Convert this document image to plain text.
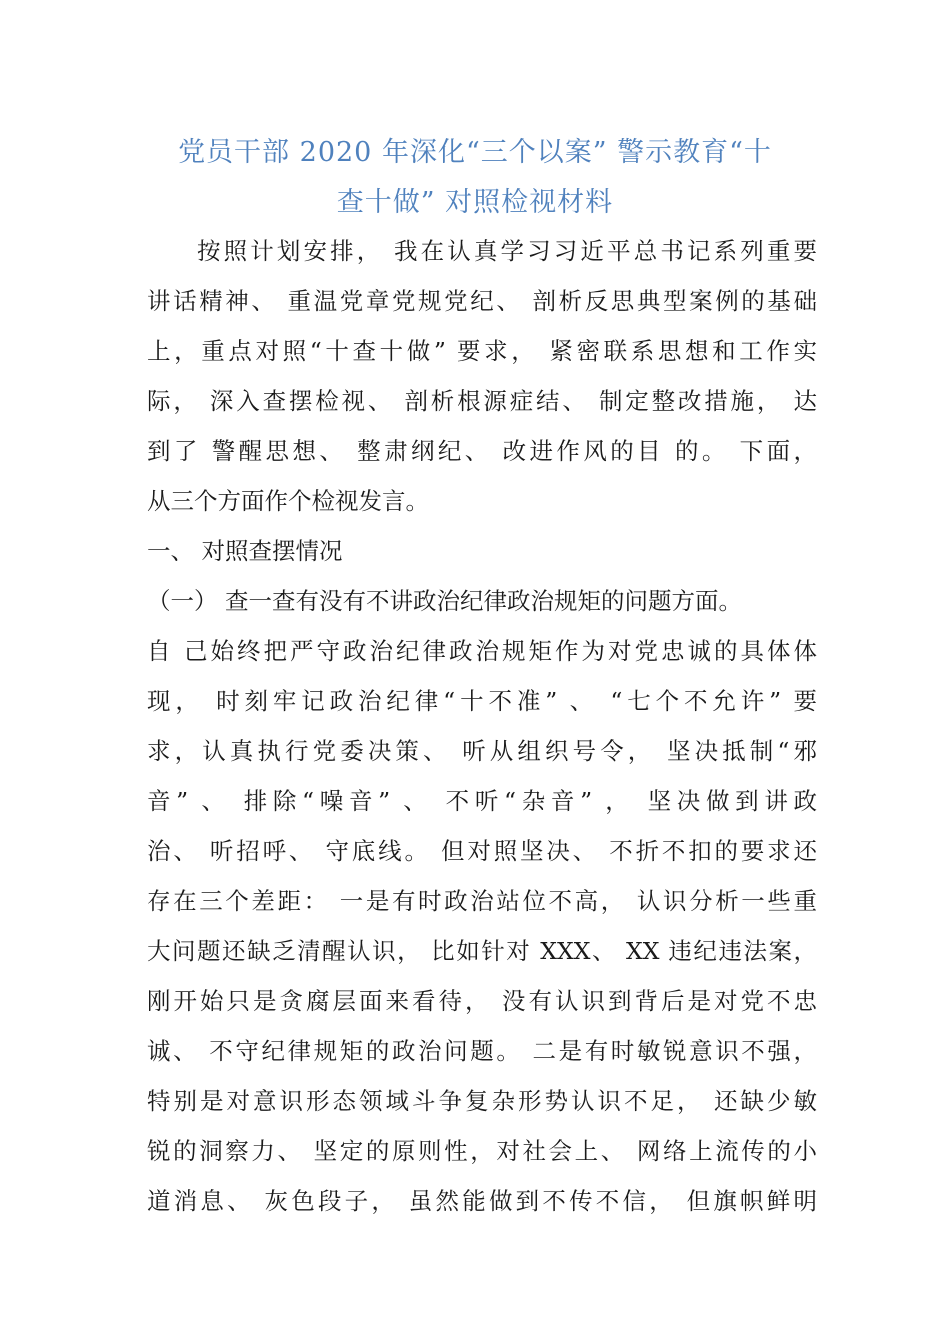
党员干部 2020 年深化“三个以案” 警示教育“十
查十做” 对照检视材料
按照计划安排， 我在认真学习习近平总书记系列重要
讲话精神、 重温党章党规党纪、 剖析反思典型案例的基础
上，重点对照“十查十做” 要求， 紧密联系思想和工作实
际， 深入查摆检视、 剖析根源症结、 制定整改措施， 达
到了 警醒思想、 整肃纲纪、 改进作风的目 的。 下面，
从三个方面作个检视发言。
一、 对照查摆情况
（一） 查一查有没有不讲政治纪律政治规矩的问题方面。
自 己始终把严守政治纪律政治规矩作为对党忠诚的具体体
现， 时刻牢记政治纪律“十不准” 、 “七个不允许” 要
求，认真执行党委决策、 听从组织号令， 坚决抵制“邪
音” 、 排除“噪音” 、 不听“杂音” ， 坚决做到讲政
治、 听招呼、 守底线。 但对照坚决、 不折不扣的要求还
存在三个差距： 一是有时政治站位不高， 认识分析一些重
大问题还缺乏清醒认识， 比如针对 XXX、 XX 违纪违法案，
刚开始只是贪腐层面来看待， 没有认识到背后是对党不忠
诚、 不守纪律规矩的政治问题。 二是有时敏锐意识不强，
特别是对意识形态领域斗争复杂形势认识不足， 还缺少敏
锐的洞察力、 坚定的原则性，对社会上、 网络上流传的小
道消息、 灰色段子， 虽然能做到不传不信， 但旗帜鲜明
